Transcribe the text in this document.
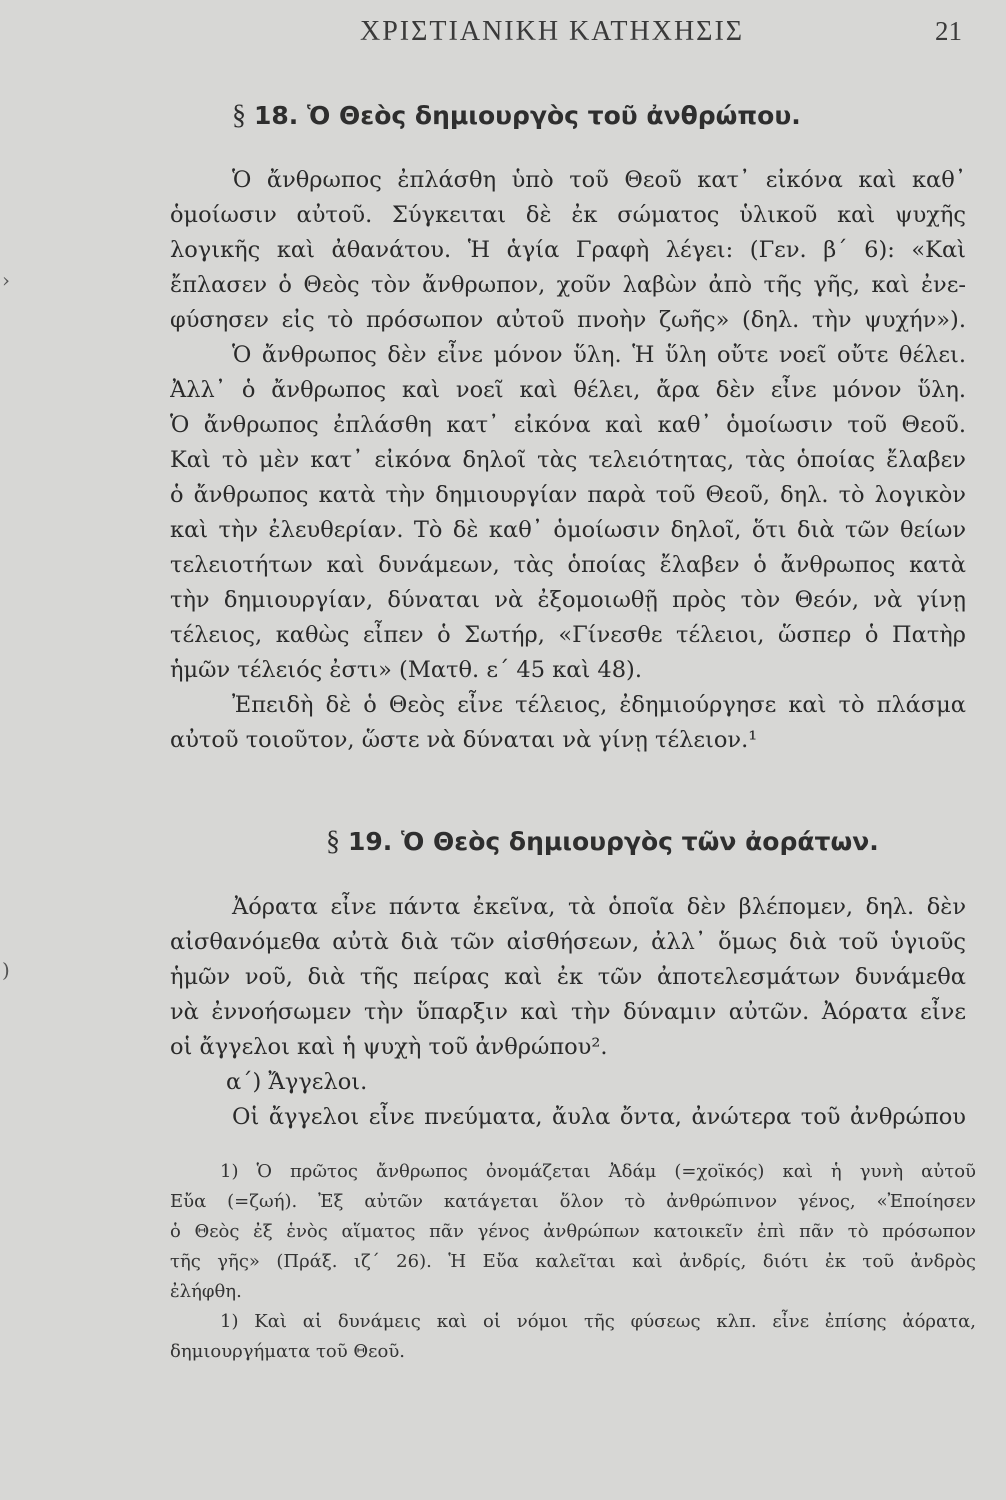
ΧΡΙΣΤΙΑΝΙΚΗ ΚΑΤΗΧΗΣΙΣ	21
›
)
§ 18. Ὁ Θεὸς δημιουργὸς τοῦ ἀνθρώπου.
Ὁ ἄνθρωπος ἐπλάσθη ὑπὸ τοῦ Θεοῦ κατ᾽ εἰκόνα καὶ καθ᾽
ὁμοίωσιν αὐτοῦ. Σύγκειται δὲ ἐκ σώματος ὑλικοῦ καὶ ψυχῆς
λογικῆς καὶ ἀθανάτου. Ἡ ἁγία Γραφὴ λέγει: (Γεν. β΄ 6): «Καὶ
ἔπλασεν ὁ Θεὸς τὸν ἄνθρωπον, χοῦν λαβὼν ἀπὸ τῆς γῆς, καὶ ἐνε-
φύσησεν εἰς τὸ πρόσωπον αὐτοῦ πνοὴν ζωῆς» (δηλ. τὴν ψυχήν»).
Ὁ ἄνθρωπος δὲν εἶνε μόνον ὕλη. Ἡ ὕλη οὔτε νοεῖ οὔτε θέλει.
Ἀλλ᾽ ὁ ἄνθρωπος καὶ νοεῖ καὶ θέλει, ἄρα δὲν εἶνε μόνον ὕλη.
Ὁ ἄνθρωπος ἐπλάσθη κατ᾽ εἰκόνα καὶ καθ᾽ ὁμοίωσιν τοῦ Θεοῦ.
Καὶ τὸ μὲν κατ᾽ εἰκόνα δηλοῖ τὰς τελειότητας, τὰς ὁποίας ἔλαβεν
ὁ ἄνθρωπος κατὰ τὴν δημιουργίαν παρὰ τοῦ Θεοῦ, δηλ. τὸ λογικὸν
καὶ τὴν ἐλευθερίαν. Τὸ δὲ καθ᾽ ὁμοίωσιν δηλοῖ, ὅτι διὰ τῶν θείων
τελειοτήτων καὶ δυνάμεων, τὰς ὁποίας ἔλαβεν ὁ ἄνθρωπος κατὰ
τὴν δημιουργίαν, δύναται νὰ ἐξομοιωθῇ πρὸς τὸν Θεόν, νὰ γίνῃ
τέλειος, καθὼς εἶπεν ὁ Σωτήρ, «Γίνεσθε τέλειοι, ὥσπερ ὁ Πατὴρ
ἡμῶν τέλειός ἐστι» (Ματθ. ε΄ 45 καὶ 48).
Ἐπειδὴ δὲ ὁ Θεὸς εἶνε τέλειος, ἐδημιούργησε καὶ τὸ πλάσμα
αὐτοῦ τοιοῦτον, ὥστε νὰ δύναται νὰ γίνῃ τέλειον.¹
§ 19. Ὁ Θεὸς δημιουργὸς τῶν ἀοράτων.
Ἀόρατα εἶνε πάντα ἐκεῖνα, τὰ ὁποῖα δὲν βλέπομεν, δηλ. δὲν
αἰσθανόμεθα αὐτὰ διὰ τῶν αἰσθήσεων, ἀλλ᾽ ὅμως διὰ τοῦ ὑγιοῦς
ἡμῶν νοῦ, διὰ τῆς πείρας καὶ ἐκ τῶν ἀποτελεσμάτων δυνάμεθα
νὰ ἐννοήσωμεν τὴν ὕπαρξιν καὶ τὴν δύναμιν αὐτῶν. Ἀόρατα εἶνε
οἱ ἄγγελοι καὶ ἡ ψυχὴ τοῦ ἀνθρώπου².
α΄) Ἄγγελοι.
Οἱ ἄγγελοι εἶνε πνεύματα, ἄυλα ὄντα, ἀνώτερα τοῦ ἀνθρώπου
1) Ὁ πρῶτος ἄνθρωπος ὀνομάζεται Ἀδάμ (=χοϊκός) καὶ ἡ γυνὴ αὐτοῦ
Εὔα (=ζωή). Ἐξ αὐτῶν κατάγεται ὅλον τὸ ἀνθρώπινον γένος, «Ἐποίησεν
ὁ Θεὸς ἐξ ἑνὸς αἵματος πᾶν γένος ἀνθρώπων κατοικεῖν ἐπὶ πᾶν τὸ πρόσωπον
τῆς γῆς» (Πράξ. ιζ΄ 26). Ἡ Εὔα καλεῖται καὶ ἀνδρίς, διότι ἐκ τοῦ ἀνδρὸς
ἐλήφθη.
1) Καὶ αἱ δυνάμεις καὶ οἱ νόμοι τῆς φύσεως κλπ. εἶνε ἐπίσης ἀόρατα,
δημιουργήματα τοῦ Θεοῦ.
